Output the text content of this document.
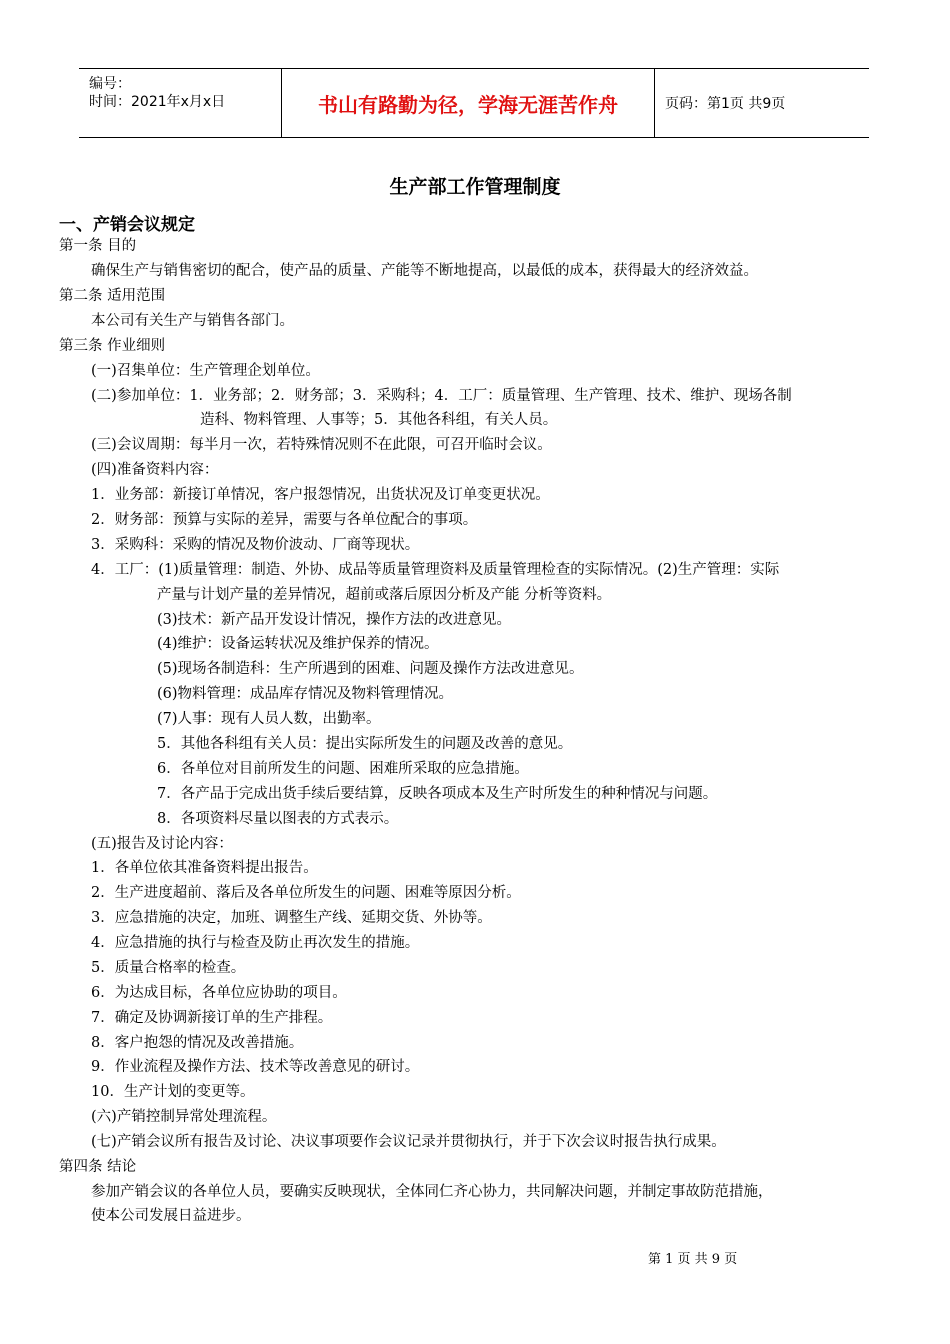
编号：
时间：2021年x月x日	书山有路勤为径，学海无涯苦作舟	页码：第1页 共9页
生产部工作管理制度
一、产销会议规定
第一条 目的
确保生产与销售密切的配合，使产品的质量、产能等不断地提高，以最低的成本，获得最大的经济效益。
第二条 适用范围
本公司有关生产与销售各部门。
第三条 作业细则
(一)召集单位：生产管理企划单位。
(二)参加单位：1．业务部；2．财务部；3．采购科；4．工厂：质量管理、生产管理、技术、维护、现场各制
造科、物料管理、人事等；5．其他各科组，有关人员。
(三)会议周期：每半月一次，若特殊情况则不在此限，可召开临时会议。
(四)准备资料内容：
1．业务部：新接订单情况，客户报怨情况，出货状况及订单变更状况。
2．财务部：预算与实际的差异，需要与各单位配合的事项。
3．采购科：采购的情况及物价波动、厂商等现状。
4．工厂：(1)质量管理：制造、外协、成品等质量管理资料及质量管理检查的实际情况。(2)生产管理：实际
产量与计划产量的差异情况，超前或落后原因分析及产能 分析等资料。
(3)技术：新产品开发设计情况，操作方法的改进意见。
(4)维护：设备运转状况及维护保养的情况。
(5)现场各制造科：生产所遇到的困难、问题及操作方法改进意见。
(6)物料管理：成品库存情况及物料管理情况。
(7)人事：现有人员人数，出勤率。
5．其他各科组有关人员：提出实际所发生的问题及改善的意见。
6．各单位对目前所发生的问题、困难所采取的应急措施。
7．各产品于完成出货手续后要结算，反映各项成本及生产时所发生的种种情况与问题。
8．各项资料尽量以图表的方式表示。
(五)报告及讨论内容：
1．各单位依其准备资料提出报告。
2．生产进度超前、落后及各单位所发生的问题、困难等原因分析。
3．应急措施的决定，加班、调整生产线、延期交货、外协等。
4．应急措施的执行与检查及防止再次发生的措施。
5．质量合格率的检查。
6．为达成目标，各单位应协助的项目。
7．确定及协调新接订单的生产排程。
8．客户抱怨的情况及改善措施。
9．作业流程及操作方法、技术等改善意见的研讨。
10．生产计划的变更等。
(六)产销控制异常处理流程。
(七)产销会议所有报告及讨论、决议事项要作会议记录并贯彻执行，并于下次会议时报告执行成果。
第四条 结论
参加产销会议的各单位人员，要确实反映现状，全体同仁齐心协力，共同解决问题，并制定事故防范措施，
使本公司发展日益进步。
第 1 页 共 9 页
